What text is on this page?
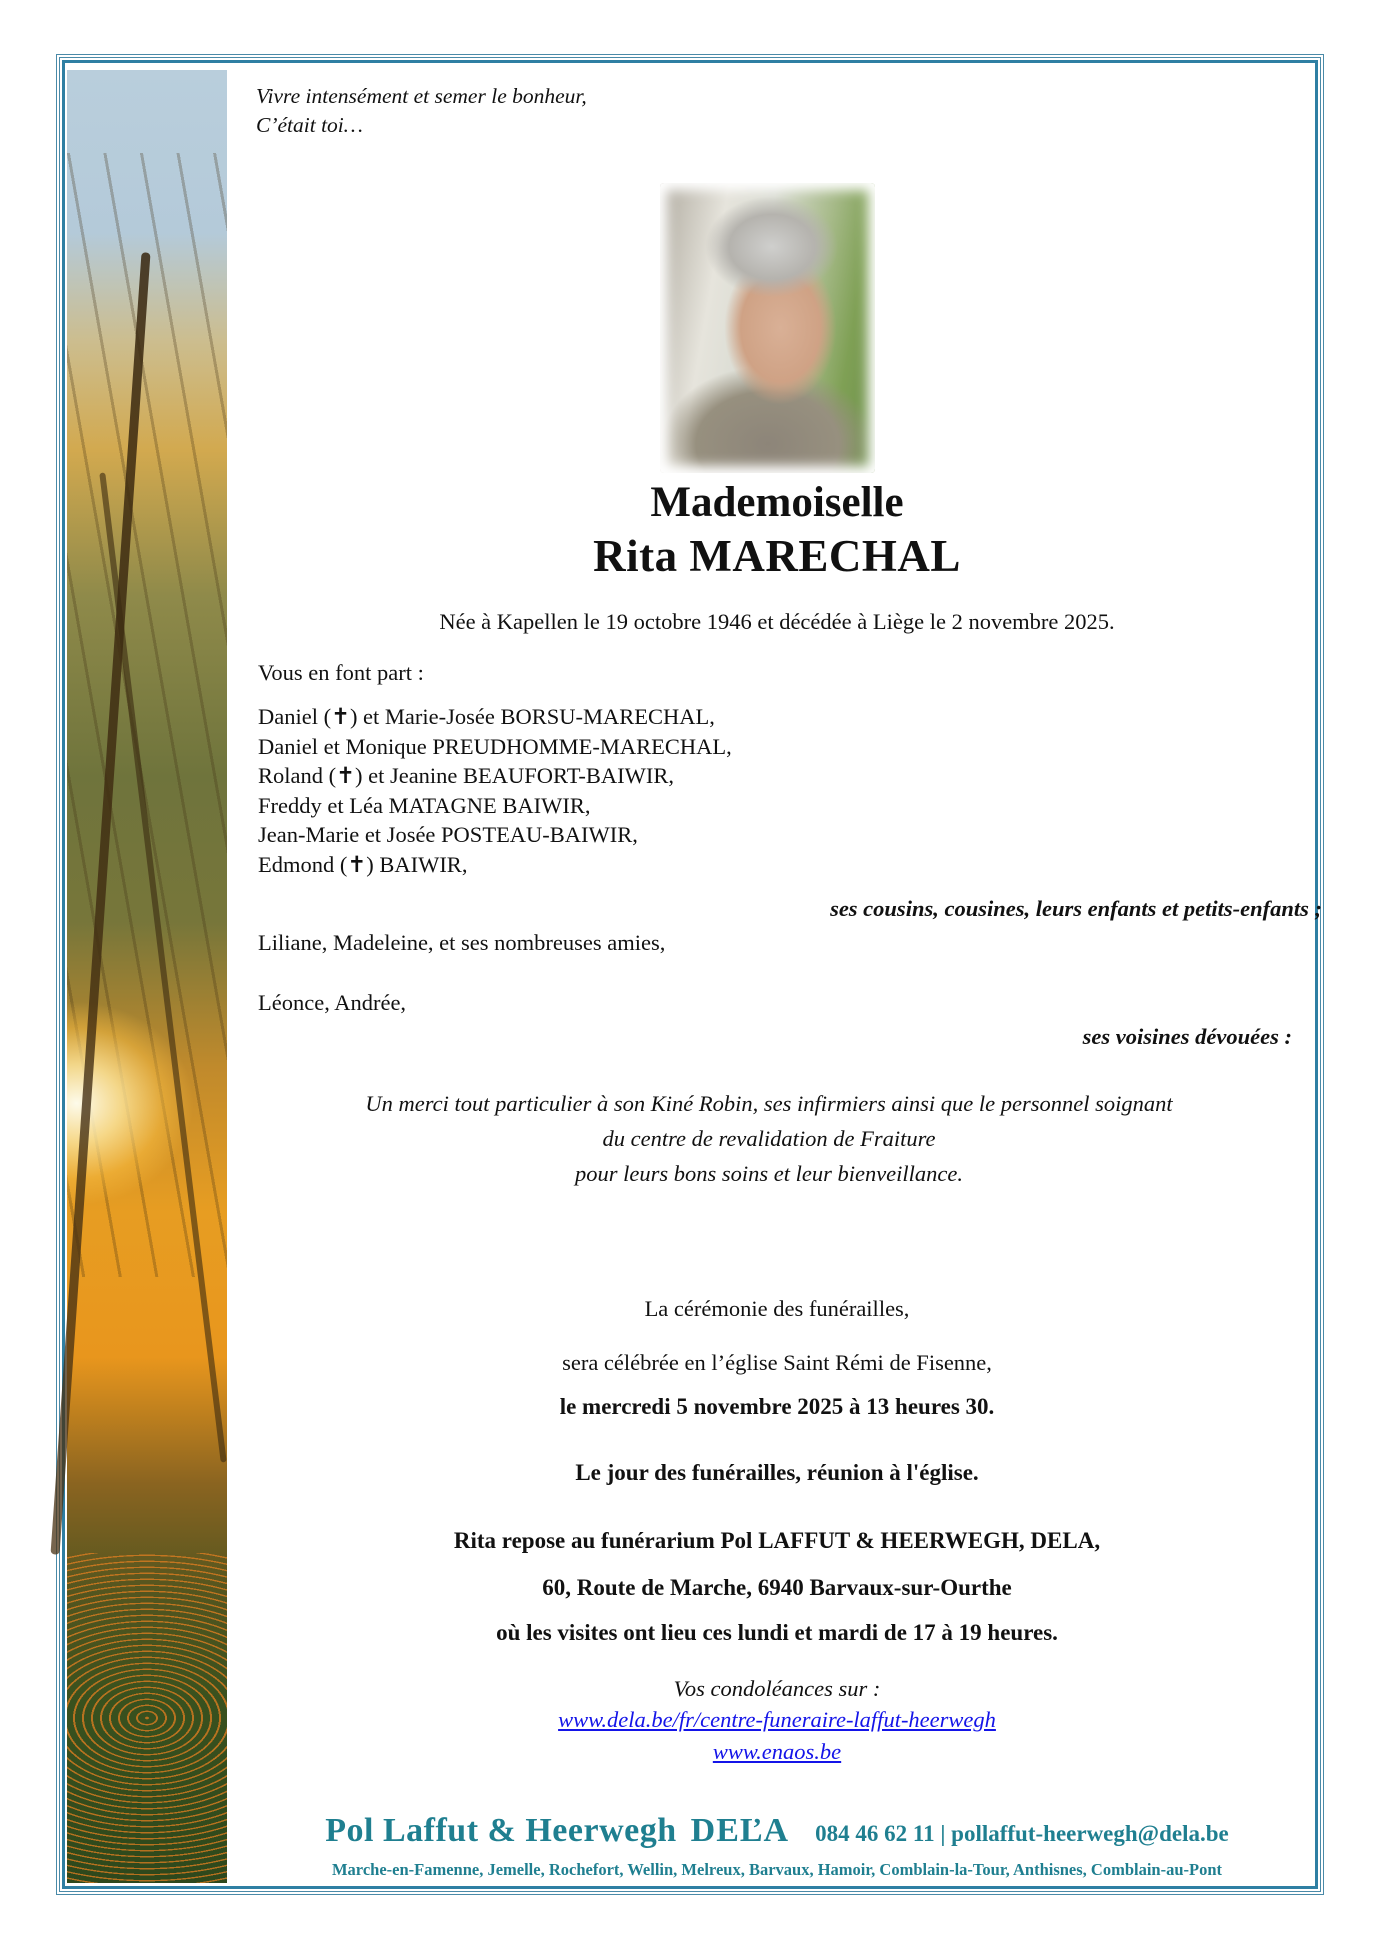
Vivre intensément et semer le bonheur,
C’était toi…
Mademoiselle
Rita MARECHAL
Née à Kapellen le 19 octobre 1946 et décédée à Liège le 2 novembre 2025.
Vous en font part :
Daniel (✝) et Marie-Josée BORSU-MARECHAL,
Daniel et Monique PREUDHOMME-MARECHAL,
Roland (✝) et Jeanine BEAUFORT-BAIWIR,
Freddy et Léa MATAGNE BAIWIR,
Jean-Marie et Josée POSTEAU-BAIWIR,
Edmond (✝) BAIWIR,
ses cousins, cousines, leurs enfants et petits-enfants ;
Liliane, Madeleine, et ses nombreuses amies,
Léonce, Andrée,
ses voisines dévouées :
Un merci tout particulier à son Kiné Robin, ses infirmiers ainsi que le personnel soignant
du centre de revalidation de Fraiture
pour leurs bons soins et leur bienveillance.
La cérémonie des funérailles,
sera célébrée en l’église Saint Rémi de Fisenne,
le mercredi 5 novembre 2025 à 13 heures 30.
Le jour des funérailles, réunion à l'église.
Rita repose au funérarium Pol LAFFUT & HEERWEGH, DELA,
60, Route de Marche, 6940 Barvaux-sur-Ourthe
où les visites ont lieu ces lundi et mardi de 17 à 19 heures.
Vos condoléances sur :
www.dela.be/fr/centre-funeraire-laffut-heerwegh
www.enaos.be
Pol Laffut & Heerwegh DEĽA 084 46 62 11 | pollaffut-heerwegh@dela.be
Marche-en-Famenne, Jemelle, Rochefort, Wellin, Melreux, Barvaux, Hamoir, Comblain-la-Tour, Anthisnes, Comblain-au-Pont
